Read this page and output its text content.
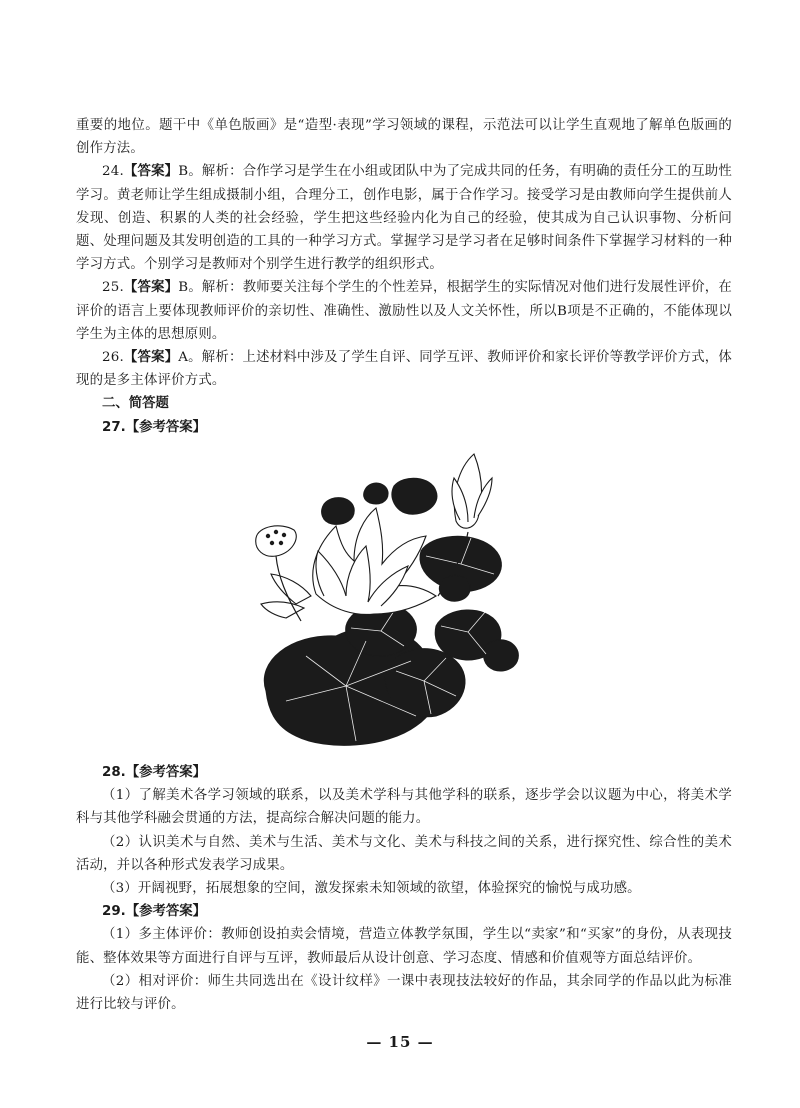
重要的地位。题干中《单色版画》是“造型·表现”学习领域的课程，示范法可以让学生直观地了解单色版画的创作方法。

24.【答案】B。解析：合作学习是学生在小组或团队中为了完成共同的任务，有明确的责任分工的互助性学习。黄老师让学生组成摄制小组，合理分工，创作电影，属于合作学习。接受学习是由教师向学生提供前人发现、创造、积累的人类的社会经验，学生把这些经验内化为自己的经验，使其成为自己认识事物、分析问题、处理问题及其发明创造的工具的一种学习方式。掌握学习是学习者在足够时间条件下掌握学习材料的一种学习方式。个别学习是教师对个别学生进行教学的组织形式。

25.【答案】B。解析：教师要关注每个学生的个性差异，根据学生的实际情况对他们进行发展性评价，在评价的语言上要体现教师评价的亲切性、准确性、激励性以及人文关怀性，所以B项是不正确的，不能体现以学生为主体的思想原则。

26.【答案】A。解析：上述材料中涉及了学生自评、同学互评、教师评价和家长评价等教学评价方式，体现的是多主体评价方式。

二、简答题

27.【参考答案】

28.【参考答案】

（1）了解美术各学习领域的联系，以及美术学科与其他学科的联系，逐步学会以议题为中心，将美术学科与其他学科融会贯通的方法，提高综合解决问题的能力。

（2）认识美术与自然、美术与生活、美术与文化、美术与科技之间的关系，进行探究性、综合性的美术活动，并以各种形式发表学习成果。

（3）开阔视野，拓展想象的空间，激发探索未知领域的欲望，体验探究的愉悦与成功感。

29.【参考答案】

（1）多主体评价：教师创设拍卖会情境，营造立体教学氛围，学生以“卖家”和“买家”的身份，从表现技能、整体效果等方面进行自评与互评，教师最后从设计创意、学习态度、情感和价值观等方面总结评价。

（2）相对评价：师生共同选出在《设计纹样》一课中表现技法较好的作品，其余同学的作品以此为标准进行比较与评价。

— 15 —
